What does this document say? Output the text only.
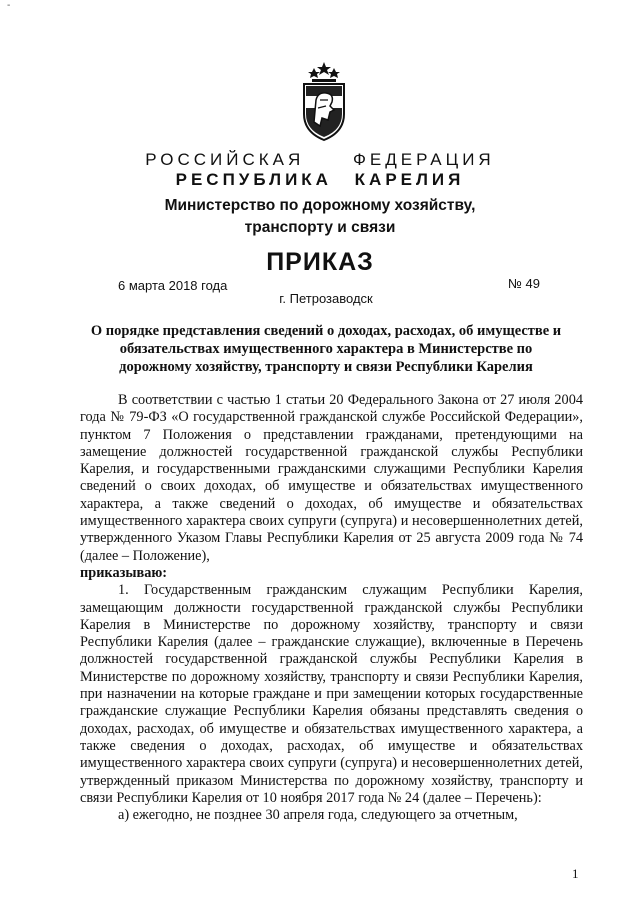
-
РОССИЙСКАЯ ФЕДЕРАЦИЯ
РЕСПУБЛИКА КАРЕЛИЯ
Министерство по дорожному хозяйству,
транспорту и связи
ПРИКАЗ
6 марта 2018 года	№ 49
г. Петрозаводск
О порядке представления сведений о доходах, расходах, об имуществе и обязательствах имущественного характера в Министерстве по дорожному хозяйству, транспорту и связи Республики Карелия

В соответствии с частью 1 статьи 20 Федерального Закона от 27 июля 2004 года № 79-ФЗ «О государственной гражданской службе Российской Федерации», пунктом 7 Положения о представлении гражданами, претендующими на замещение должностей государственной гражданской службы Республики Карелия, и государственными гражданскими служащими Республики Карелия сведений о своих доходах, об имуществе и обязательствах имущественного характера, а также сведений о доходах, об имуществе и обязательствах имущественного характера своих супруги (супруга) и несовершеннолетних детей, утвержденного Указом Главы Республики Карелия от 25 августа 2009 года № 74 (далее – Положение),

приказываю:

1. Государственным гражданским служащим Республики Карелия, замещающим должности государственной гражданской службы Республики Карелия в Министерстве по дорожному хозяйству, транспорту и связи Республики Карелия (далее – гражданские служащие), включенные в Перечень должностей государственной гражданской службы Республики Карелия в Министерстве по дорожному хозяйству, транспорту и связи Республики Карелия, при назначении на которые граждане и при замещении которых государственные гражданские служащие Республики Карелия обязаны представлять сведения о доходах, расходах, об имуществе и обязательствах имущественного характера, а также сведения о доходах, расходах, об имуществе и обязательствах имущественного характера своих супруги (супруга) и несовершеннолетних детей, утвержденный приказом Министерства по дорожному хозяйству, транспорту и связи Республики Карелия от 10 ноября 2017 года № 24 (далее – Перечень):

а) ежегодно, не позднее 30 апреля года, следующего за отчетным,

1
